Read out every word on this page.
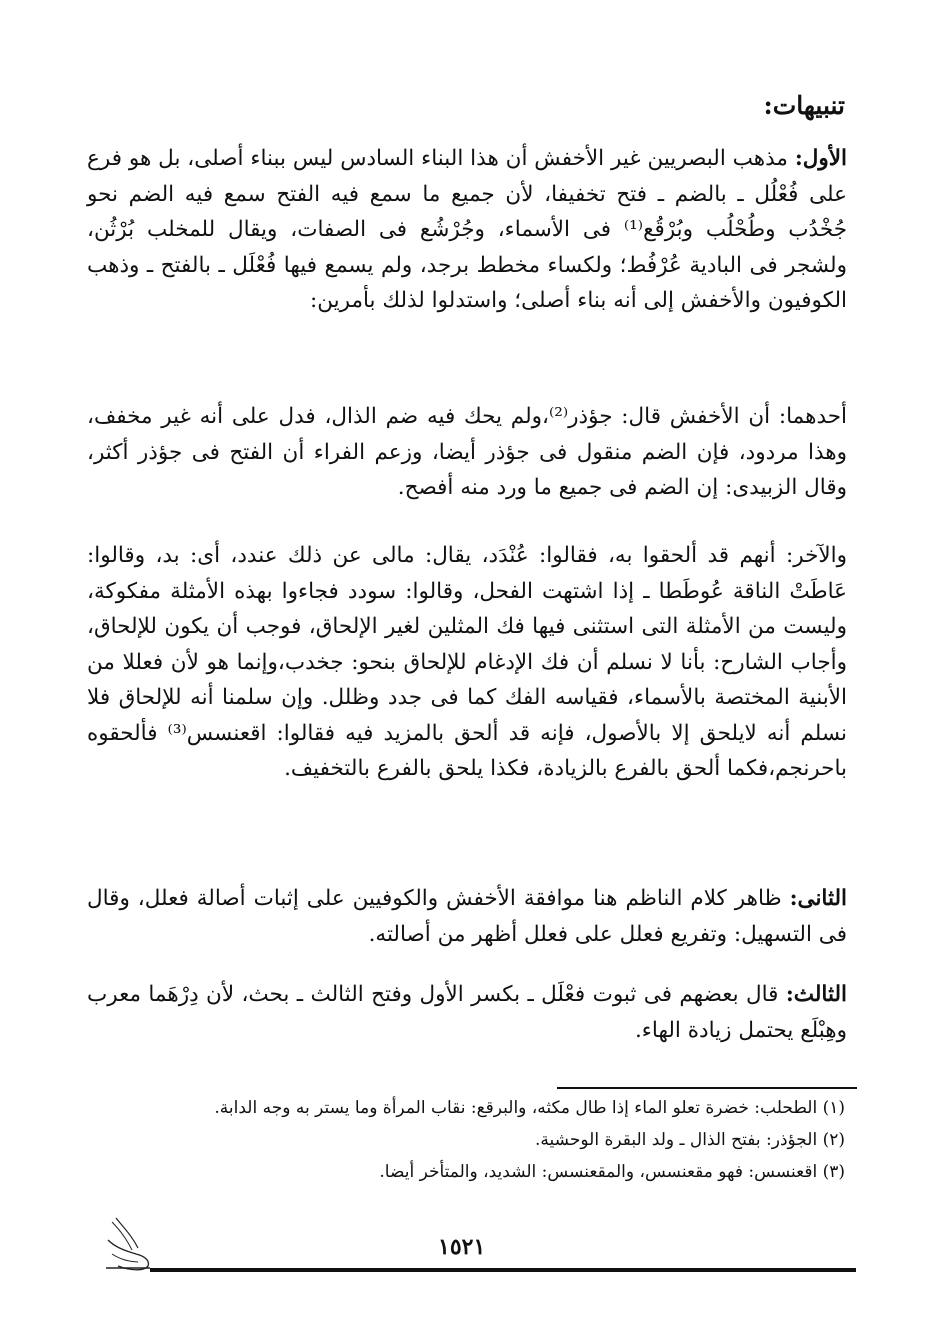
تنبيهات:

الأول: مذهب البصريين غير الأخفش أن هذا البناء السادس ليس ببناء أصلى، بل هو فرع على فُعْلُل ـ بالضم ـ فتح تخفيفا، لأن جميع ما سمع فيه الفتح سمع فيه الضم نحو جُخْدُب وطُحْلُب وبُرْقُع⁽¹⁾ فى الأسماء، وجُرْشُع فى الصفات، ويقال للمخلب بُرْثُن، ولشجر فى البادية عُرْفُط؛ ولكساء مخطط برجد، ولم يسمع فيها فُعْلَل ـ بالفتح ـ وذهب الكوفيون والأخفش إلى أنه بناء أصلى؛ واستدلوا لذلك بأمرين:

أحدهما: أن الأخفش قال: جؤذر⁽²⁾،ولم يحك فيه ضم الذال، فدل على أنه غير مخفف، وهذا مردود، فإن الضم منقول فى جؤذر أيضا، وزعم الفراء أن الفتح فى جؤذر أكثر، وقال الزبيدى: إن الضم فى جميع ما ورد منه أفصح.

والآخر: أنهم قد ألحقوا به، فقالوا: عُنْدَد، يقال: مالى عن ذلك عندد، أى: بد، وقالوا: عَاطَتْ الناقة عُوطَطا ـ إذا اشتهت الفحل، وقالوا: سودد فجاءوا بهذه الأمثلة مفكوكة، وليست من الأمثلة التى استثنى فيها فك المثلين لغير الإلحاق، فوجب أن يكون للإلحاق، وأجاب الشارح: بأنا لا نسلم أن فك الإدغام للإلحاق بنحو: جخدب،وإنما هو لأن فعللا من الأبنية المختصة بالأسماء، فقياسه الفك كما فى جدد وظلل. وإن سلمنا أنه للإلحاق فلا نسلم أنه لايلحق إلا بالأصول، فإنه قد ألحق بالمزيد فيه فقالوا: اقعنسس⁽³⁾ فألحقوه باحرنجم،فكما ألحق بالفرع بالزيادة، فكذا يلحق بالفرع بالتخفيف.

الثانى: ظاهر كلام الناظم هنا موافقة الأخفش والكوفيين على إثبات أصالة فعلل، وقال فى التسهيل: وتفريع فعلل على فعلل أظهر من أصالته.

الثالث: قال بعضهم فى ثبوت فعْلَل ـ بكسر الأول وفتح الثالث ـ بحث، لأن دِرْهَما معرب وهِبْلَع يحتمل زيادة الهاء.

(١) الطحلب: خضرة تعلو الماء إذا طال مكثه، والبرقع: نقاب المرأة وما يستر به وجه الدابة.
(٢) الجؤذر: بفتح الذال ـ ولد البقرة الوحشية.
(٣) اقعنسس: فهو مقعنسس، والمقعنسس: الشديد، والمتأخر أيضا.
١٥٢١
